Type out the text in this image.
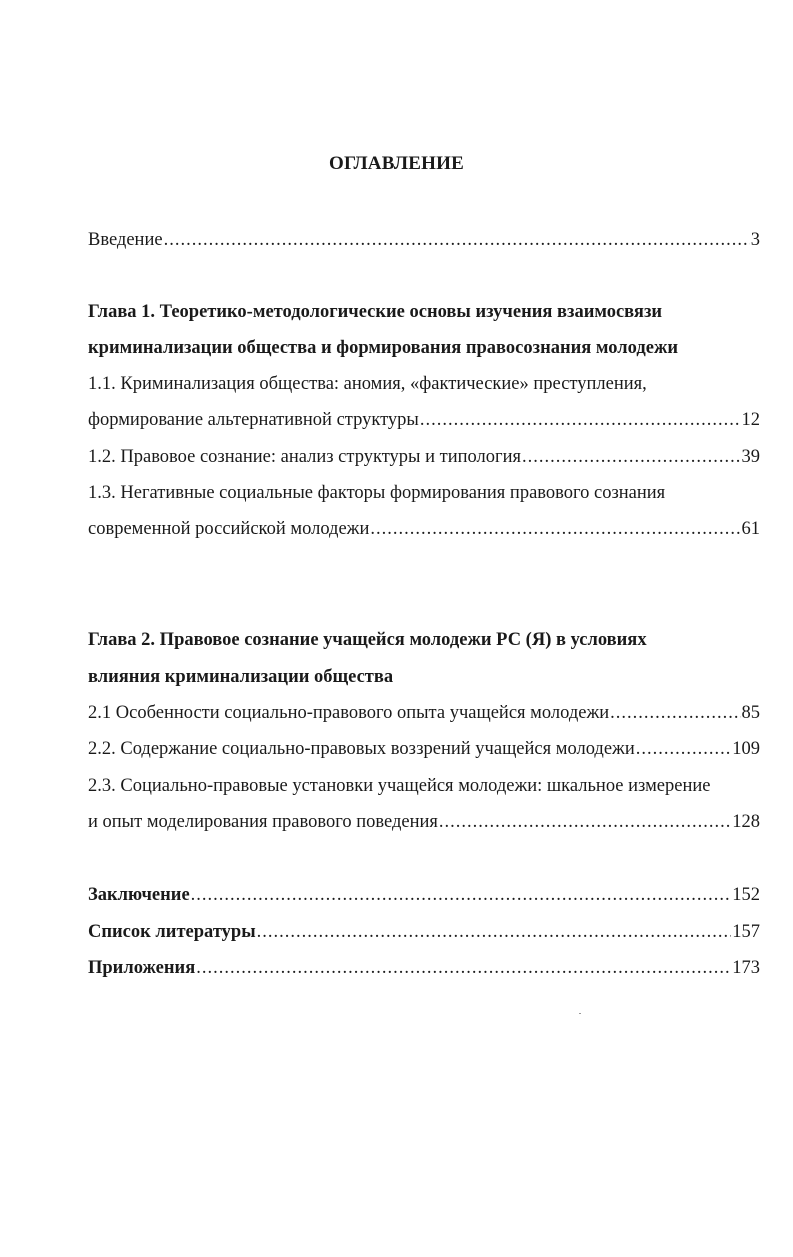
ОГЛАВЛЕНИЕ
Введение .....	3
Глава 1. Теоретико-методологические основы изучения взаимосвязи
криминализации общества и формирования правосознания молодежи
1.1. Криминализация общества: аномия, «фактические» преступления,
формирование альтернативной структуры .....	12
1.2. Правовое сознание: анализ структуры и типология .....	39
1.3. Негативные социальные факторы формирования правового сознания
современной российской молодежи .....	61
Глава 2. Правовое сознание учащейся молодежи РС (Я) в условиях
влияния криминализации общества
2.1 Особенности социально-правового опыта учащейся молодежи .....	85
2.2. Содержание социально-правовых воззрений учащейся молодежи .....	109
2.3. Социально-правовые установки учащейся молодежи: шкальное измерение
и опыт моделирования правового поведения .....	128
Заключение .....	152
Список литературы .....	157
Приложения .....	173
